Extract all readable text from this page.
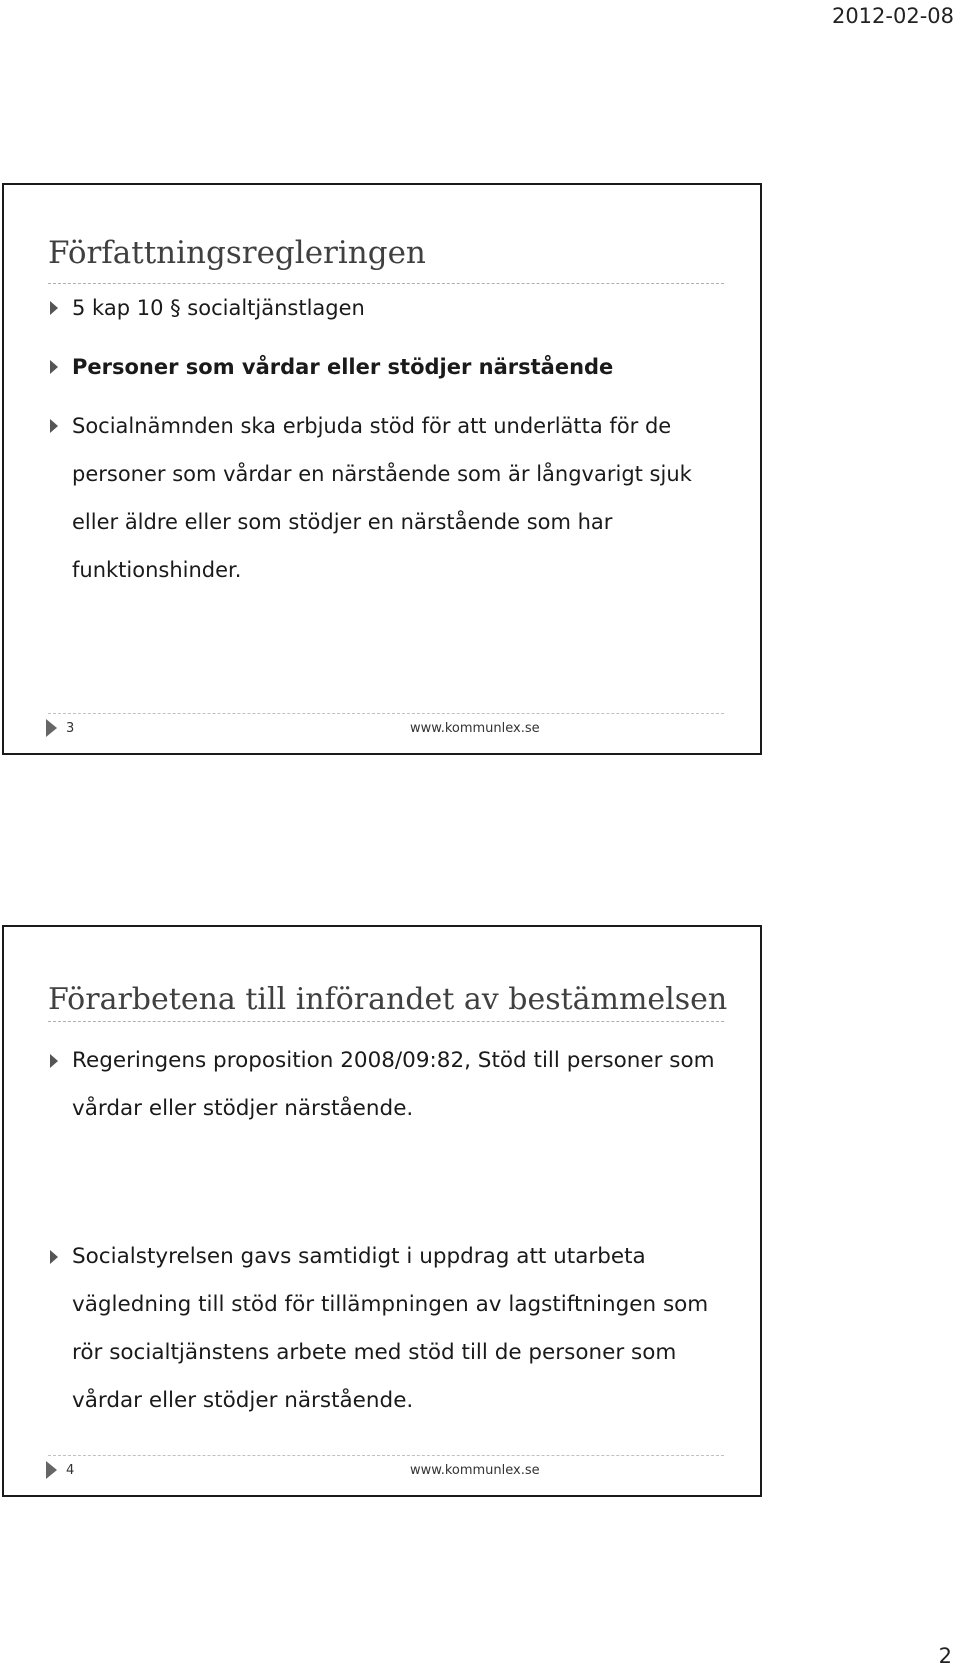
2012-02-08
Författningsregleringen
5 kap 10 § socialtjänstlagen
Personer som vårdar eller stödjer närstående
Socialnämnden ska erbjuda stöd för att underlätta för de personer som vårdar en närstående som är långvarigt sjuk eller äldre eller som stödjer en närstående som har funktionshinder.
3	www.kommunlex.se
Förarbetena till införandet av bestämmelsen
Regeringens proposition 2008/09:82, Stöd till personer som vårdar eller stödjer närstående.
Socialstyrelsen gavs samtidigt i uppdrag att utarbeta vägledning till stöd för tillämpningen av lagstiftningen som rör socialtjänstens arbete med stöd till de personer som vårdar eller stödjer närstående.
4	www.kommunlex.se
2
